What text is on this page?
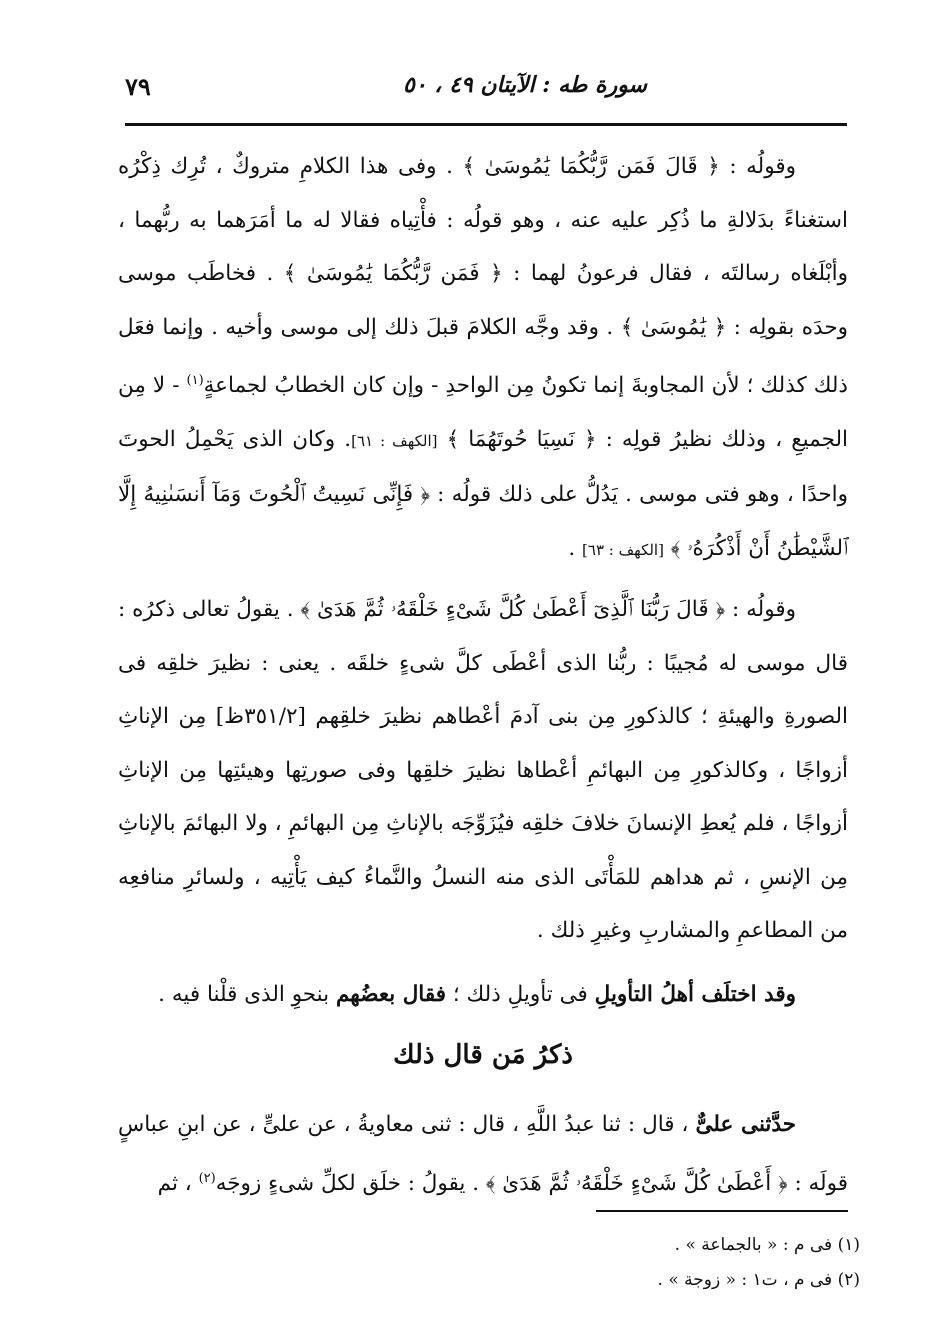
٧٩	سورة طه : الآيتان ٤٩ ، ٥٠

وقولُه : ﴿ قَالَ فَمَن رَّبُّكُمَا يَٰمُوسَىٰ ﴾ . وفى هذا الكلامِ متروكٌ ، تُرِك ذِكْرُه استغناءً بدَلالةِ ما ذُكِر عليه عنه ، وهو قولُه : فأْتِياه فقالا له ما أمَرَهما به ربُّهما ، وأبْلَغاه رسالتَه ، فقال فرعونُ لهما : ﴿ فَمَن رَّبُّكُمَا يَٰمُوسَىٰ ﴾ . فخاطَب موسى وحدَه بقولِه : ﴿ يَٰمُوسَىٰ ﴾ . وقد وجَّه الكلامَ قبلَ ذلك إلى موسى وأخيه . وإنما فعَل ذلك كذلك ؛ لأن المجاوبةَ إنما تكونُ مِن الواحدِ - وإن كان الخطابُ لجماعةٍ$^{(١)}$ - لا مِن الجميعِ ، وذلك نظيرُ قولِه : ﴿ نَسِيَا حُوتَهُمَا ﴾ [الكهف : ٦١]. وكان الذى يَحْمِلُ الحوتَ واحدًا ، وهو فتى موسى . يَدُلُّ على ذلك قولُه : ﴿ فَإِنِّى نَسِيتُ ٱلْحُوتَ وَمَآ أَنسَىٰنِيهُ إِلَّا ٱلشَّيْطَٰنُ أَنْ أَذْكُرَهُۥ ﴾ [الكهف : ٦٣] .

وقولُه : ﴿ قَالَ رَبُّنَا ٱلَّذِىٓ أَعْطَىٰ كُلَّ شَىْءٍ خَلْقَهُۥ ثُمَّ هَدَىٰ ﴾ . يقولُ تعالى ذكرُه : قال موسى له مُجيبًا : ربُّنا الذى أعْطَى كلَّ شىءٍ خلقَه . يعنى : نظيرَ خلقِه فى الصورةِ والهيئةِ ؛ كالذكورِ مِن بنى آدمَ أعْطاهم نظيرَ خلقِهم [٣٥١/٢ظ] مِن الإناثِ أزواجًا ، وكالذكورِ مِن البهائمِ أعْطاها نظيرَ خلقِها وفى صورتِها وهيئتِها مِن الإناثِ أزواجًا ، فلم يُعطِ الإنسانَ خلافَ خلقِه فيُزَوِّجَه بالإناثِ مِن البهائمِ ، ولا البهائمَ بالإناثِ مِن الإنسِ ، ثم هداهم للمَأْتَى الذى منه النسلُ والنَّماءُ كيف يَأْتِيه ، ولسائرِ منافعِه من المطاعمِ والمشاربِ وغيرِ ذلك .

وقد اختلَف أهلُ التأويلِ فى تأويلِ ذلك ؛ فقال بعضُهم بنحوِ الذى قلْنا فيه .

ذكرُ مَن قال ذلك

حدَّثنى علىٌّ ، قال : ثنا عبدُ اللَّهِ ، قال : ثنى معاويةُ ، عن علىٍّ ، عن ابنِ عباسٍ قولَه : ﴿ أَعْطَىٰ كُلَّ شَىْءٍ خَلْقَهُۥ ثُمَّ هَدَىٰ ﴾ . يقولُ : خلَق لكلِّ شىءٍ زوجَه$^{(٢)}$ ، ثم

(١) فى م : « بالجماعة » .

(٢) فى م ، ت١ : « زوجة » .
